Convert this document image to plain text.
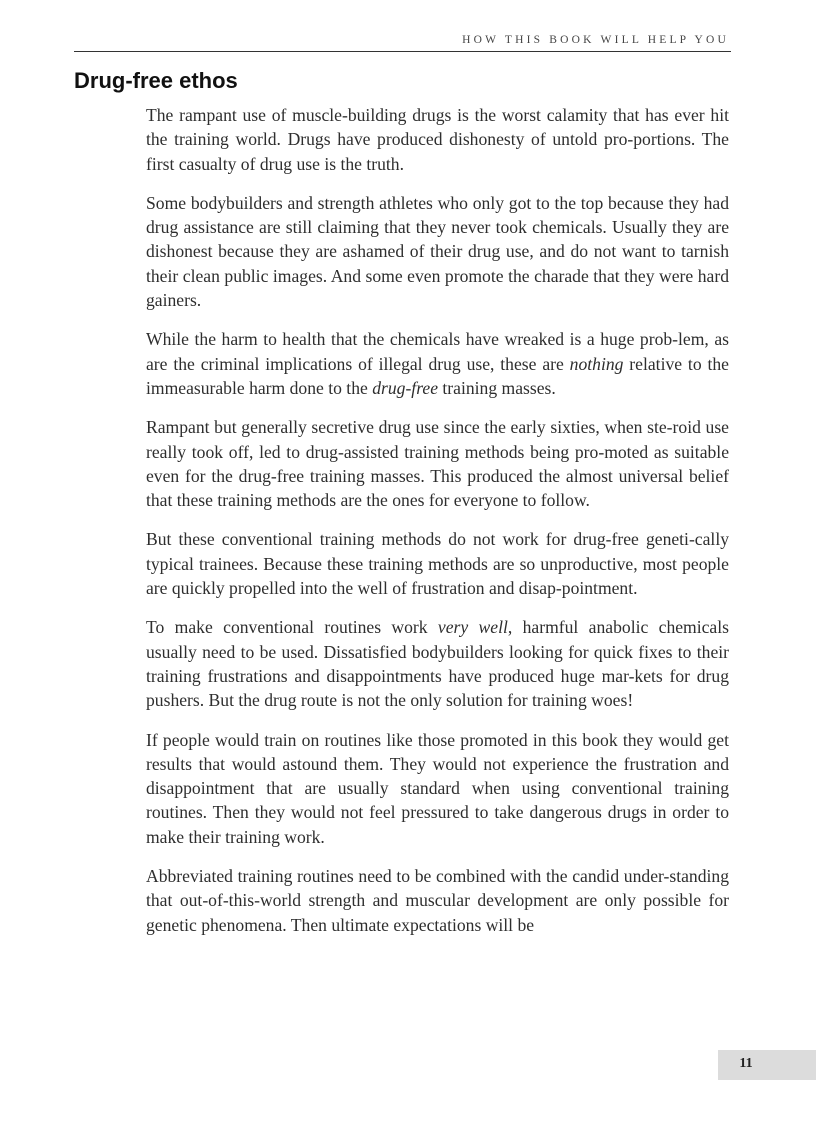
HOW THIS BOOK WILL HELP YOU
Drug-free ethos

The rampant use of muscle-building drugs is the worst calamity that has ever hit the training world. Drugs have produced dishonesty of untold pro-portions. The first casualty of drug use is the truth.

Some bodybuilders and strength athletes who only got to the top because they had drug assistance are still claiming that they never took chemicals. Usually they are dishonest because they are ashamed of their drug use, and do not want to tarnish their clean public images. And some even promote the charade that they were hard gainers.

While the harm to health that the chemicals have wreaked is a huge prob-lem, as are the criminal implications of illegal drug use, these are nothing relative to the immeasurable harm done to the drug-free training masses.

Rampant but generally secretive drug use since the early sixties, when ste-roid use really took off, led to drug-assisted training methods being pro-moted as suitable even for the drug-free training masses. This produced the almost universal belief that these training methods are the ones for everyone to follow.

But these conventional training methods do not work for drug-free geneti-cally typical trainees. Because these training methods are so unproductive, most people are quickly propelled into the well of frustration and disap-pointment.

To make conventional routines work very well, harmful anabolic chemicals usually need to be used. Dissatisfied bodybuilders looking for quick fixes to their training frustrations and disappointments have produced huge mar-kets for drug pushers. But the drug route is not the only solution for training woes!

If people would train on routines like those promoted in this book they would get results that would astound them. They would not experience the frustration and disappointment that are usually standard when using conventional training routines. Then they would not feel pressured to take dangerous drugs in order to make their training work.

Abbreviated training routines need to be combined with the candid under-standing that out-of-this-world strength and muscular development are only possible for genetic phenomena. Then ultimate expectations will be

11
